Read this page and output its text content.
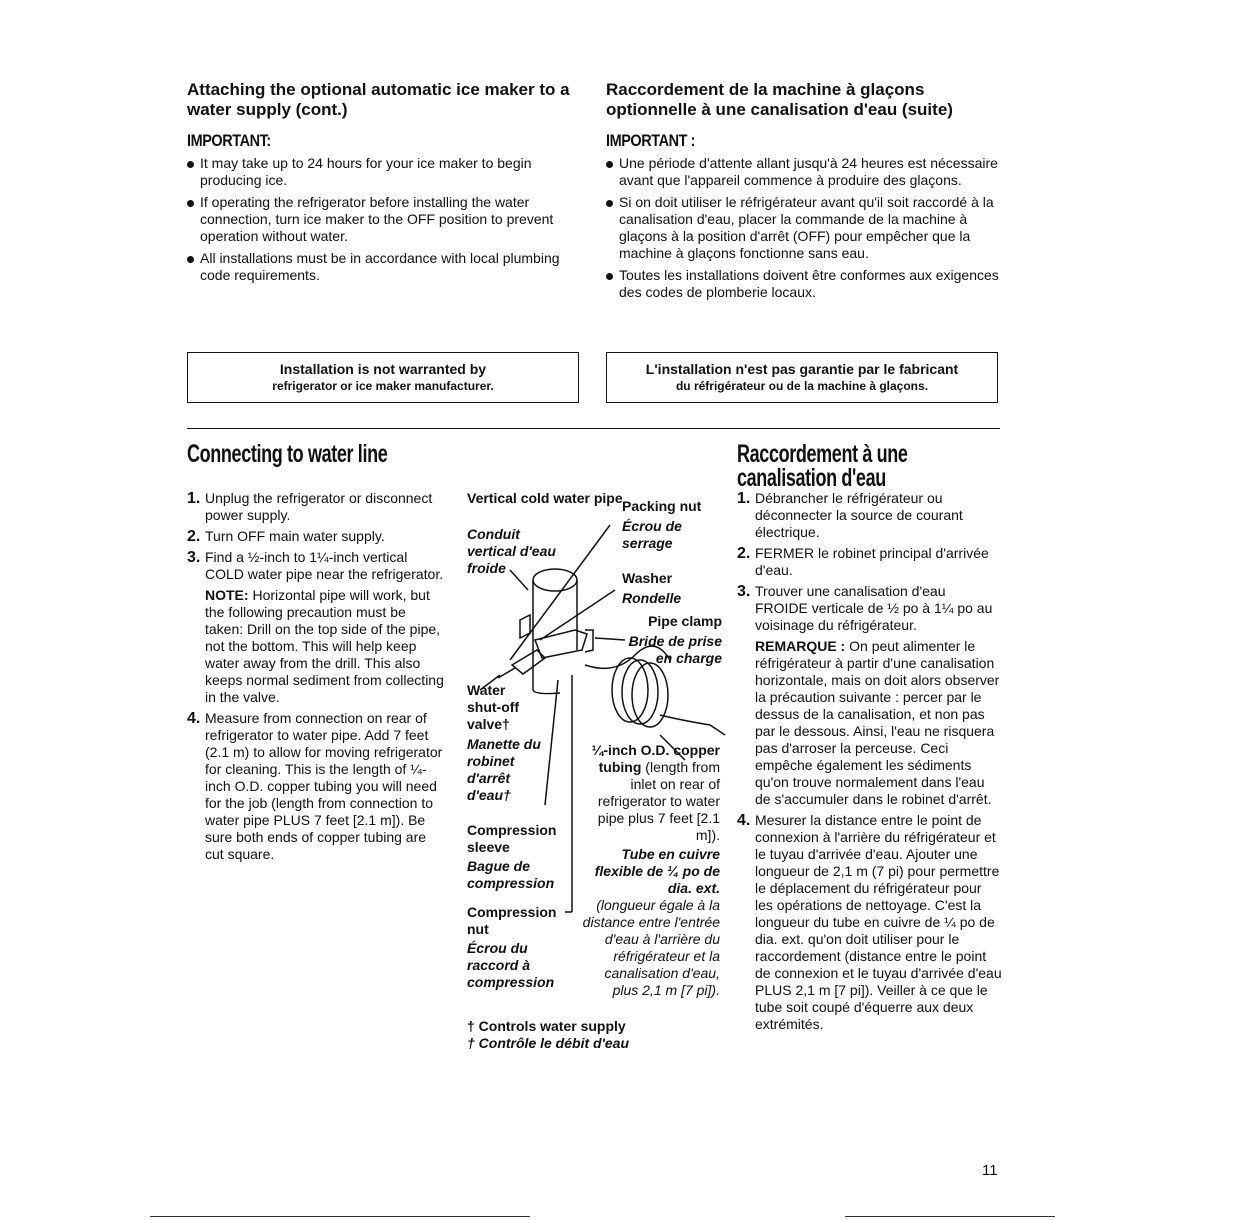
Attaching the optional automatic ice maker to a water supply (cont.)
IMPORTANT:
It may take up to 24 hours for your ice maker to begin producing ice.
If operating the refrigerator before installing the water connection, turn ice maker to the OFF position to prevent operation without water.
All installations must be in accordance with local plumbing code requirements.
Raccordement de la machine à glaçons optionnelle à une canalisation d'eau (suite)
IMPORTANT :
Une période d'attente allant jusqu'à 24 heures est nécessaire avant que l'appareil commence à produire des glaçons.
Si on doit utiliser le réfrigérateur avant qu'il soit raccordé à la canalisation d'eau, placer la commande de la machine à glaçons à la position d'arrêt (OFF) pour empêcher que la machine à glaçons fonctionne sans eau.
Toutes les installations doivent être conformes aux exigences des codes de plomberie locaux.
Installation is not warranted by
refrigerator or ice maker manufacturer.
L'installation n'est pas garantie par le fabricant
du réfrigérateur ou de la machine à glaçons.
Connecting to water line	Raccordement à une canalisation d'eau
1. Unplug the refrigerator or disconnect power supply.
2. Turn OFF main water supply.
3. Find a ½-inch to 1¼-inch vertical COLD water pipe near the refrigerator.
NOTE: Horizontal pipe will work, but the following precaution must be taken: Drill on the top side of the pipe, not the bottom. This will help keep water away from the drill. This also keeps normal sediment from collecting in the valve.
4. Measure from connection on rear of refrigerator to water pipe. Add 7 feet (2.1 m) to allow for moving refrigerator for cleaning. This is the length of ¼-inch O.D. copper tubing you will need for the job (length from connection to water pipe PLUS 7 feet [2.1 m]). Be sure both ends of copper tubing are cut square.
1. Débrancher le réfrigérateur ou déconnecter la source de courant électrique.
2. FERMER le robinet principal d'arrivée d'eau.
3. Trouver une canalisation d'eau FROIDE verticale de ½ po à 1¼ po au voisinage du réfrigérateur.
REMARQUE : On peut alimenter le réfrigérateur à partir d'une canalisation horizontale, mais on doit alors observer la précaution suivante : percer par le dessus de la canalisation, et non pas par le dessous. Ainsi, l'eau ne risquera pas d'arroser la perceuse. Ceci empêche également les sédiments qu'on trouve normalement dans l'eau de s'accumuler dans le robinet d'arrêt.
4. Mesurer la distance entre le point de connexion à l'arrière du réfrigérateur et le tuyau d'arrivée d'eau. Ajouter une longueur de 2,1 m (7 pi) pour permettre le déplacement du réfrigérateur pour les opérations de nettoyage. C'est la longueur du tube en cuivre de ¼ po de dia. ext. qu'on doit utiliser pour le raccordement (distance entre le point de connexion et le tuyau d'arrivée d'eau PLUS 2,1 m [7 pi]). Veiller à ce que le tube soit coupé d'équerre aux deux extrémités.
Vertical cold water pipe
Conduit vertical d'eau froide
Packing nut
Écrou de serrage
Washer
Rondelle
Pipe clamp
Bride de prise en charge
Water shut-off valve†
Manette du robinet d'arrêt d'eau†
Compression sleeve
Bague de compression
Compression nut
Écrou du raccord à compression
¼-inch O.D. copper tubing (length from inlet on rear of refrigerator to water pipe plus 7 feet [2.1 m]).
Tube en cuivre flexible de ¼ po de dia. ext.
(longueur égale à la distance entre l'entrée d'eau à l'arrière du réfrigérateur et la canalisation d'eau, plus 2,1 m [7 pi]).
† Controls water supply
† Contrôle le débit d'eau
11
